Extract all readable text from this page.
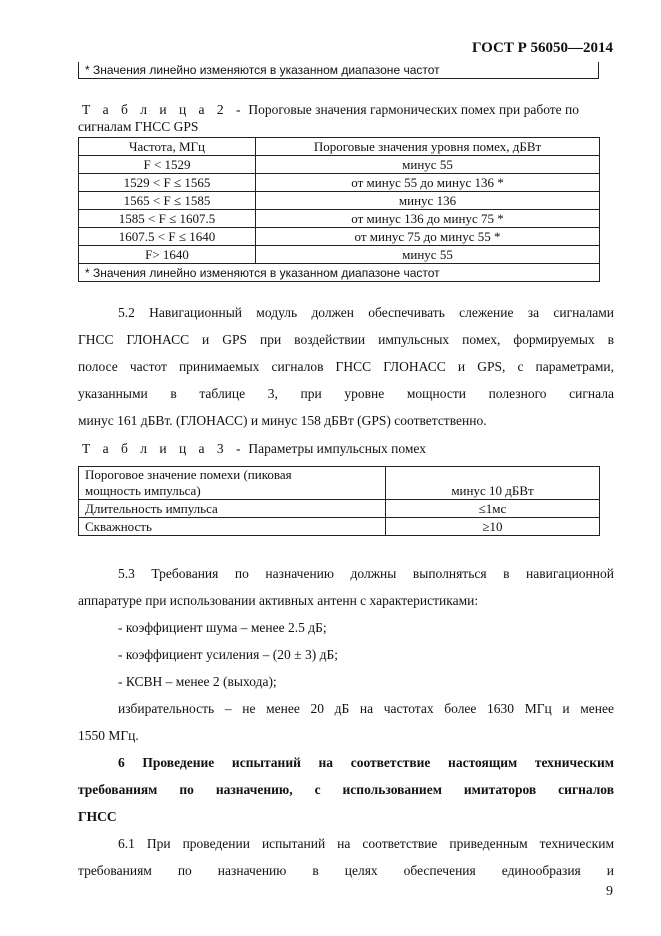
ГОСТ Р 56050—2014
* Значения линейно изменяются в указанном диапазоне частот
Т а б л и ц а 2 - Пороговые значения гармонических помех при работе по
сигналам ГНСС GPS
Частота, МГц	Пороговые значения уровня помех, дБВт
F < 1529	минус 55
1529 < F ≤ 1565	от минус 55 до минус 136 *
1565 < F ≤ 1585	минус 136
1585 < F ≤ 1607.5	от минус 136 до минус 75 *
1607.5 < F ≤ 1640	от минус 75 до минус 55 *
F> 1640	минус 55
* Значения линейно изменяются в указанном диапазоне частот	
5.2 Навигационный модуль должен обеспечивать слежение за сигналами
ГНСС ГЛОНАСС и GPS при воздействии импульсных помех, формируемых в
полосе частот принимаемых сигналов ГНСС ГЛОНАСС и GPS, с параметрами,
указанными в таблице 3, при уровне мощности полезного сигнала
минус 161 дБВт. (ГЛОНАСС) и минус 158 дБВт (GPS) соответственно.
Т а б л и ц а 3 - Параметры импульсных помех
Пороговое значение помехи (пиковая
мощность импульса)	минус 10 дБВт
Длительность импульса	≤1мс
Скважность	≥10
5.3 Требования по назначению должны выполняться в навигационной
аппаратуре при использовании активных антенн с характеристиками:
- коэффициент шума – менее 2.5 дБ;
- коэффициент усиления – (20 ± 3) дБ;
- КСВН – менее 2 (выхода);
избирательность – не менее 20 дБ на частотах более 1630 МГц и менее
1550 МГц.
6 Проведение испытаний на соответствие настоящим техническим
требованиям по назначению, с использованием имитаторов сигналов
ГНСС
6.1 При проведении испытаний на соответствие приведенным техническим
требованиям по назначению в целях обеспечения единообразия и
9
